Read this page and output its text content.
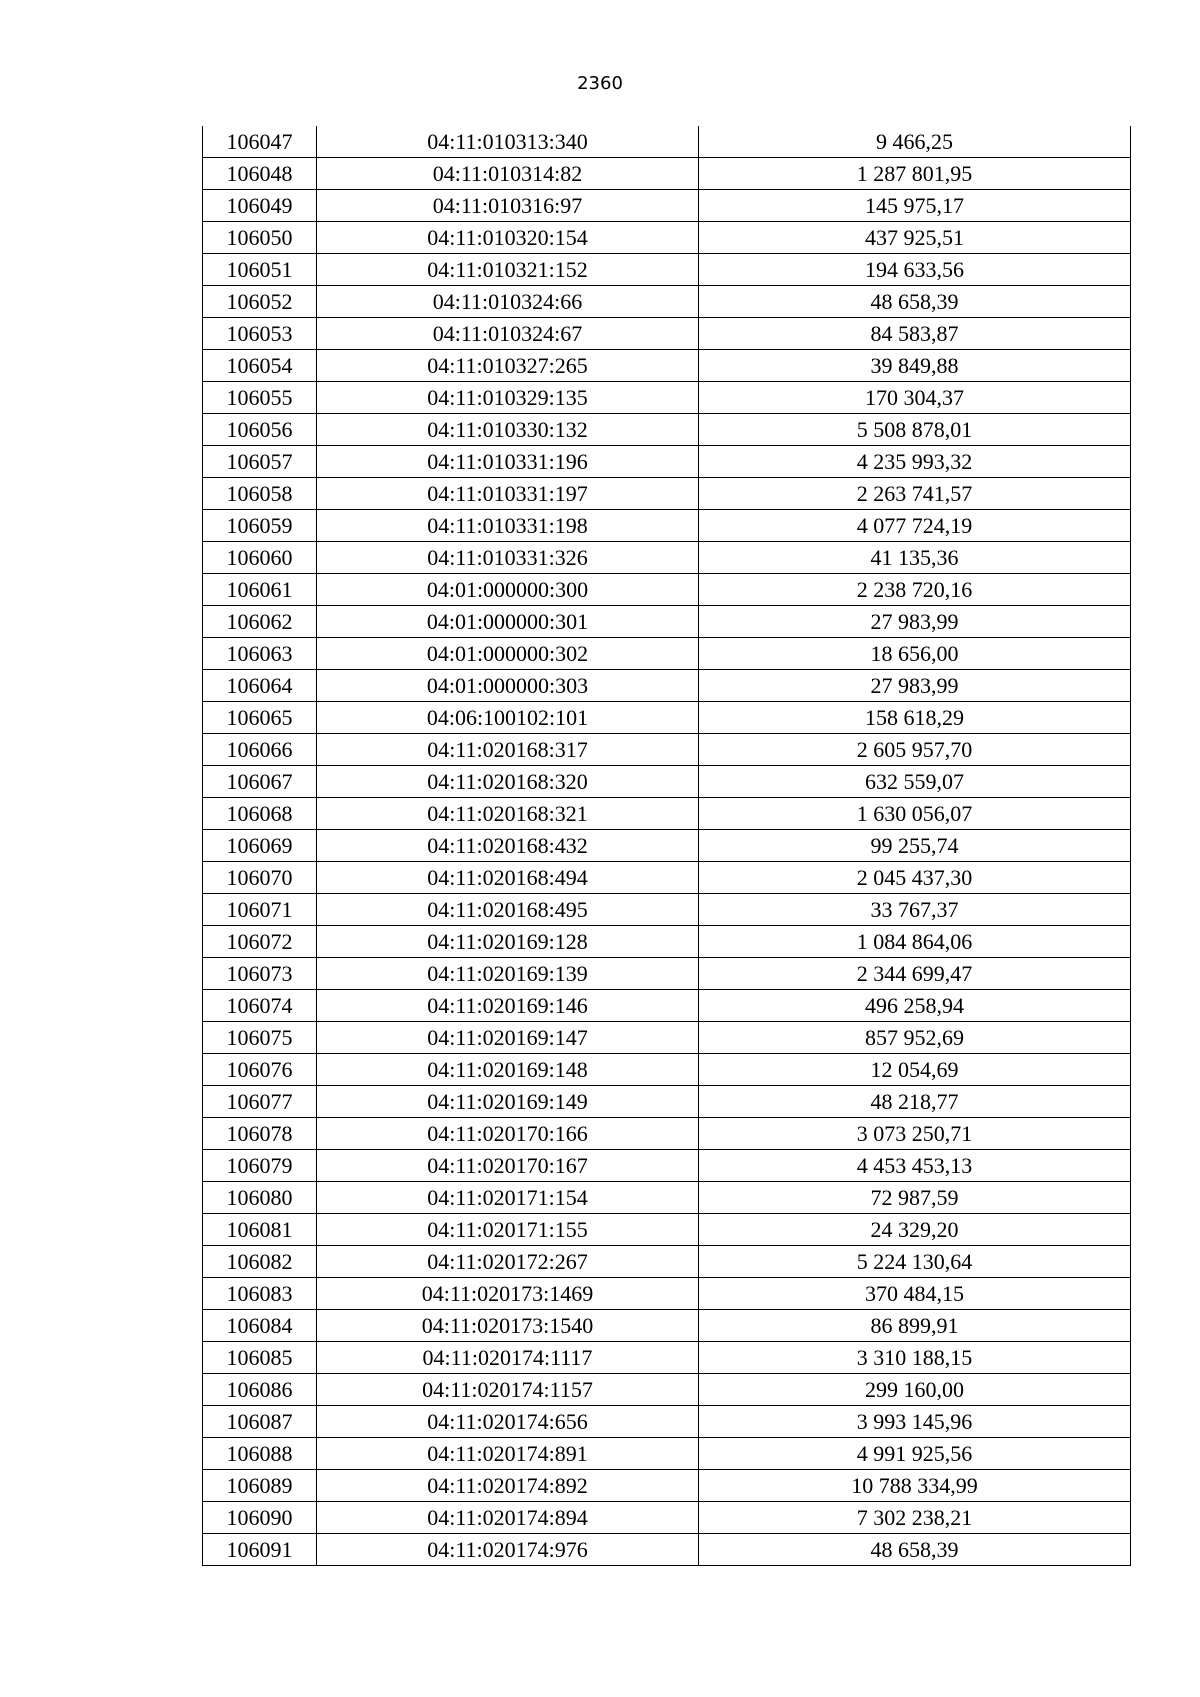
2360
106047	04:11:010313:340	9 466,25
106048	04:11:010314:82	1 287 801,95
106049	04:11:010316:97	145 975,17
106050	04:11:010320:154	437 925,51
106051	04:11:010321:152	194 633,56
106052	04:11:010324:66	48 658,39
106053	04:11:010324:67	84 583,87
106054	04:11:010327:265	39 849,88
106055	04:11:010329:135	170 304,37
106056	04:11:010330:132	5 508 878,01
106057	04:11:010331:196	4 235 993,32
106058	04:11:010331:197	2 263 741,57
106059	04:11:010331:198	4 077 724,19
106060	04:11:010331:326	41 135,36
106061	04:01:000000:300	2 238 720,16
106062	04:01:000000:301	27 983,99
106063	04:01:000000:302	18 656,00
106064	04:01:000000:303	27 983,99
106065	04:06:100102:101	158 618,29
106066	04:11:020168:317	2 605 957,70
106067	04:11:020168:320	632 559,07
106068	04:11:020168:321	1 630 056,07
106069	04:11:020168:432	99 255,74
106070	04:11:020168:494	2 045 437,30
106071	04:11:020168:495	33 767,37
106072	04:11:020169:128	1 084 864,06
106073	04:11:020169:139	2 344 699,47
106074	04:11:020169:146	496 258,94
106075	04:11:020169:147	857 952,69
106076	04:11:020169:148	12 054,69
106077	04:11:020169:149	48 218,77
106078	04:11:020170:166	3 073 250,71
106079	04:11:020170:167	4 453 453,13
106080	04:11:020171:154	72 987,59
106081	04:11:020171:155	24 329,20
106082	04:11:020172:267	5 224 130,64
106083	04:11:020173:1469	370 484,15
106084	04:11:020173:1540	86 899,91
106085	04:11:020174:1117	3 310 188,15
106086	04:11:020174:1157	299 160,00
106087	04:11:020174:656	3 993 145,96
106088	04:11:020174:891	4 991 925,56
106089	04:11:020174:892	10 788 334,99
106090	04:11:020174:894	7 302 238,21
106091	04:11:020174:976	48 658,39
